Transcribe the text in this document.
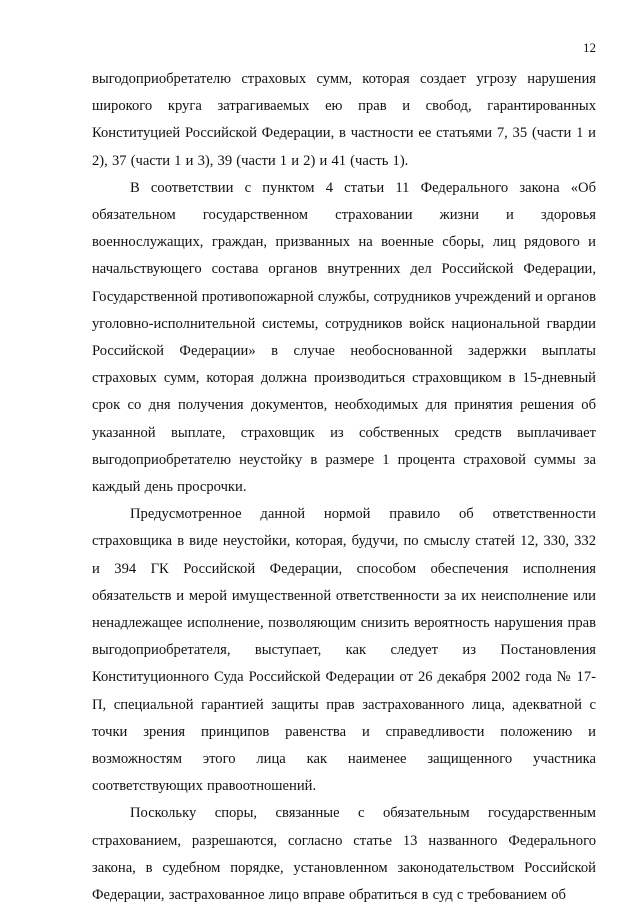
12

выгодоприобретателю страховых сумм, которая создает угрозу нарушения широкого круга затрагиваемых ею прав и свобод, гарантированных Конституцией Российской Федерации, в частности ее статьями 7, 35 (части 1 и 2), 37 (части 1 и 3), 39 (части 1 и 2) и 41 (часть 1).

В соответствии с пунктом 4 статьи 11 Федерального закона «Об обязательном государственном страховании жизни и здоровья военнослужащих, граждан, призванных на военные сборы, лиц рядового и начальствующего состава органов внутренних дел Российской Федерации, Государственной противопожарной службы, сотрудников учреждений и органов уголовно-исполнительной системы, сотрудников войск национальной гвардии Российской Федерации» в случае необоснованной задержки выплаты страховых сумм, которая должна производиться страховщиком в 15-дневный срок со дня получения документов, необходимых для принятия решения об указанной выплате, страховщик из собственных средств выплачивает выгодоприобретателю неустойку в размере 1 процента страховой суммы за каждый день просрочки.

Предусмотренное данной нормой правило об ответственности страховщика в виде неустойки, которая, будучи, по смыслу статей 12, 330, 332 и 394 ГК Российской Федерации, способом обеспечения исполнения обязательств и мерой имущественной ответственности за их неисполнение или ненадлежащее исполнение, позволяющим снизить вероятность нарушения прав выгодоприобретателя, выступает, как следует из Постановления Конституционного Суда Российской Федерации от 26 декабря 2002 года № 17-П, специальной гарантией защиты прав застрахованного лица, адекватной с точки зрения принципов равенства и справедливости положению и возможностям этого лица как наименее защищенного участника соответствующих правоотношений.

Поскольку споры, связанные с обязательным государственным страхованием, разрешаются, согласно статье 13 названного Федерального закона, в судебном порядке, установленном законодательством Российской Федерации, застрахованное лицо вправе обратиться в суд с требованием об
